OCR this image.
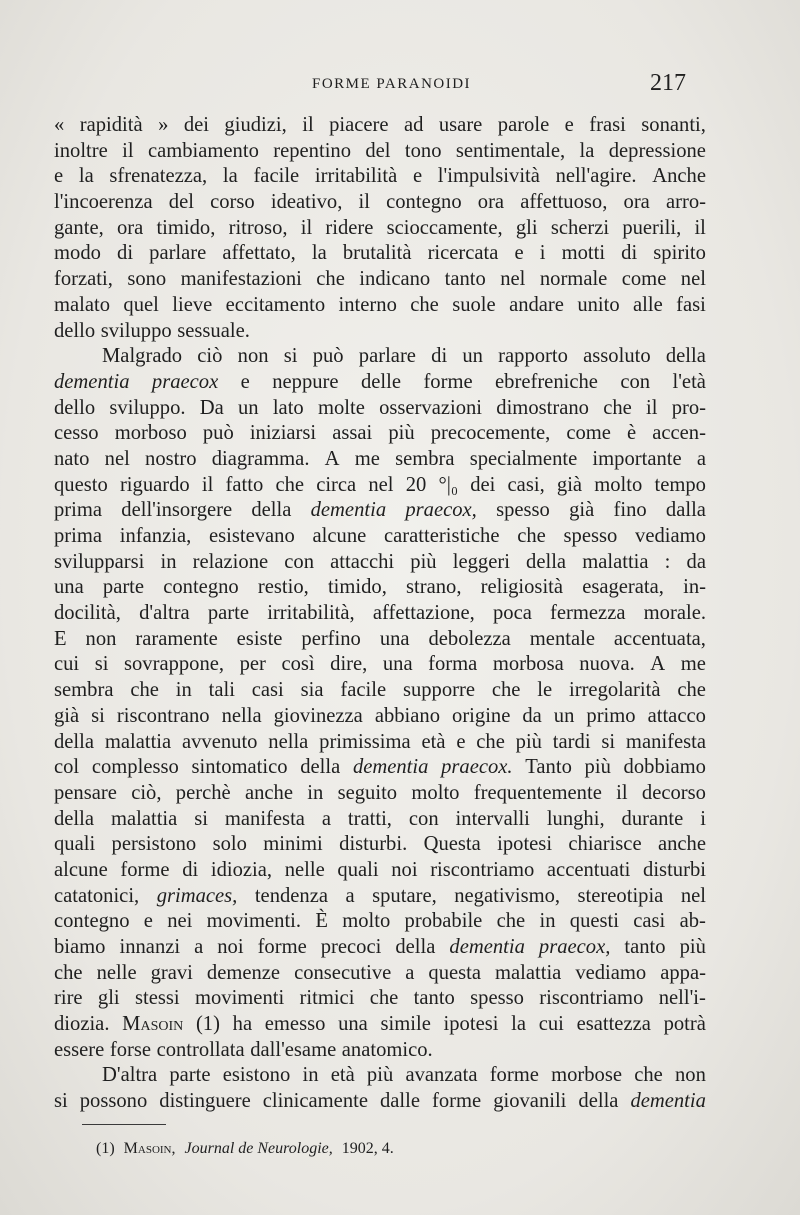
FORME PARANOIDI	217
« rapidità » dei giudizi, il piacere ad usare parole e frasi sonanti,
inoltre il cambiamento repentino del tono sentimentale, la depressione
e la sfrenatezza, la facile irritabilità e l'impulsività nell'agire. Anche
l'incoerenza del corso ideativo, il contegno ora affettuoso, ora arro-
gante, ora timido, ritroso, il ridere scioccamente, gli scherzi puerili, il
modo di parlare affettato, la brutalità ricercata e i motti di spirito
forzati, sono manifestazioni che indicano tanto nel normale come nel
malato quel lieve eccitamento interno che suole andare unito alle fasi
dello sviluppo sessuale.
Malgrado ciò non si può parlare di un rapporto assoluto della
dementia praecox e neppure delle forme ebrefreniche con l'età
dello sviluppo. Da un lato molte osservazioni dimostrano che il pro-
cesso morboso può iniziarsi assai più precocemente, come è accen-
nato nel nostro diagramma. A me sembra specialmente importante a
questo riguardo il fatto che circa nel 20 °|₀ dei casi, già molto tempo
prima dell'insorgere della dementia praecox, spesso già fino dalla
prima infanzia, esistevano alcune caratteristiche che spesso vediamo
svilupparsi in relazione con attacchi più leggeri della malattia : da
una parte contegno restio, timido, strano, religiosità esagerata, in-
docilità, d'altra parte irritabilità, affettazione, poca fermezza morale.
E non raramente esiste perfino una debolezza mentale accentuata,
cui si sovrappone, per così dire, una forma morbosa nuova. A me
sembra che in tali casi sia facile supporre che le irregolarità che
già si riscontrano nella giovinezza abbiano origine da un primo attacco
della malattia avvenuto nella primissima età e che più tardi si manifesta
col complesso sintomatico della dementia praecox. Tanto più dobbiamo
pensare ciò, perchè anche in seguito molto frequentemente il decorso
della malattia si manifesta a tratti, con intervalli lunghi, durante i
quali persistono solo minimi disturbi. Questa ipotesi chiarisce anche
alcune forme di idiozia, nelle quali noi riscontriamo accentuati disturbi
catatonici, grimaces, tendenza a sputare, negativismo, stereotipia nel
contegno e nei movimenti. È molto probabile che in questi casi ab-
biamo innanzi a noi forme precoci della dementia praecox, tanto più
che nelle gravi demenze consecutive a questa malattia vediamo appa-
rire gli stessi movimenti ritmici che tanto spesso riscontriamo nell'i-
diozia. Masoin (1) ha emesso una simile ipotesi la cui esattezza potrà
essere forse controllata dall'esame anatomico.
D'altra parte esistono in età più avanzata forme morbose che non
si possono distinguere clinicamente dalle forme giovanili della dementia
(1) Masoin, Journal de Neurologie, 1902, 4.
